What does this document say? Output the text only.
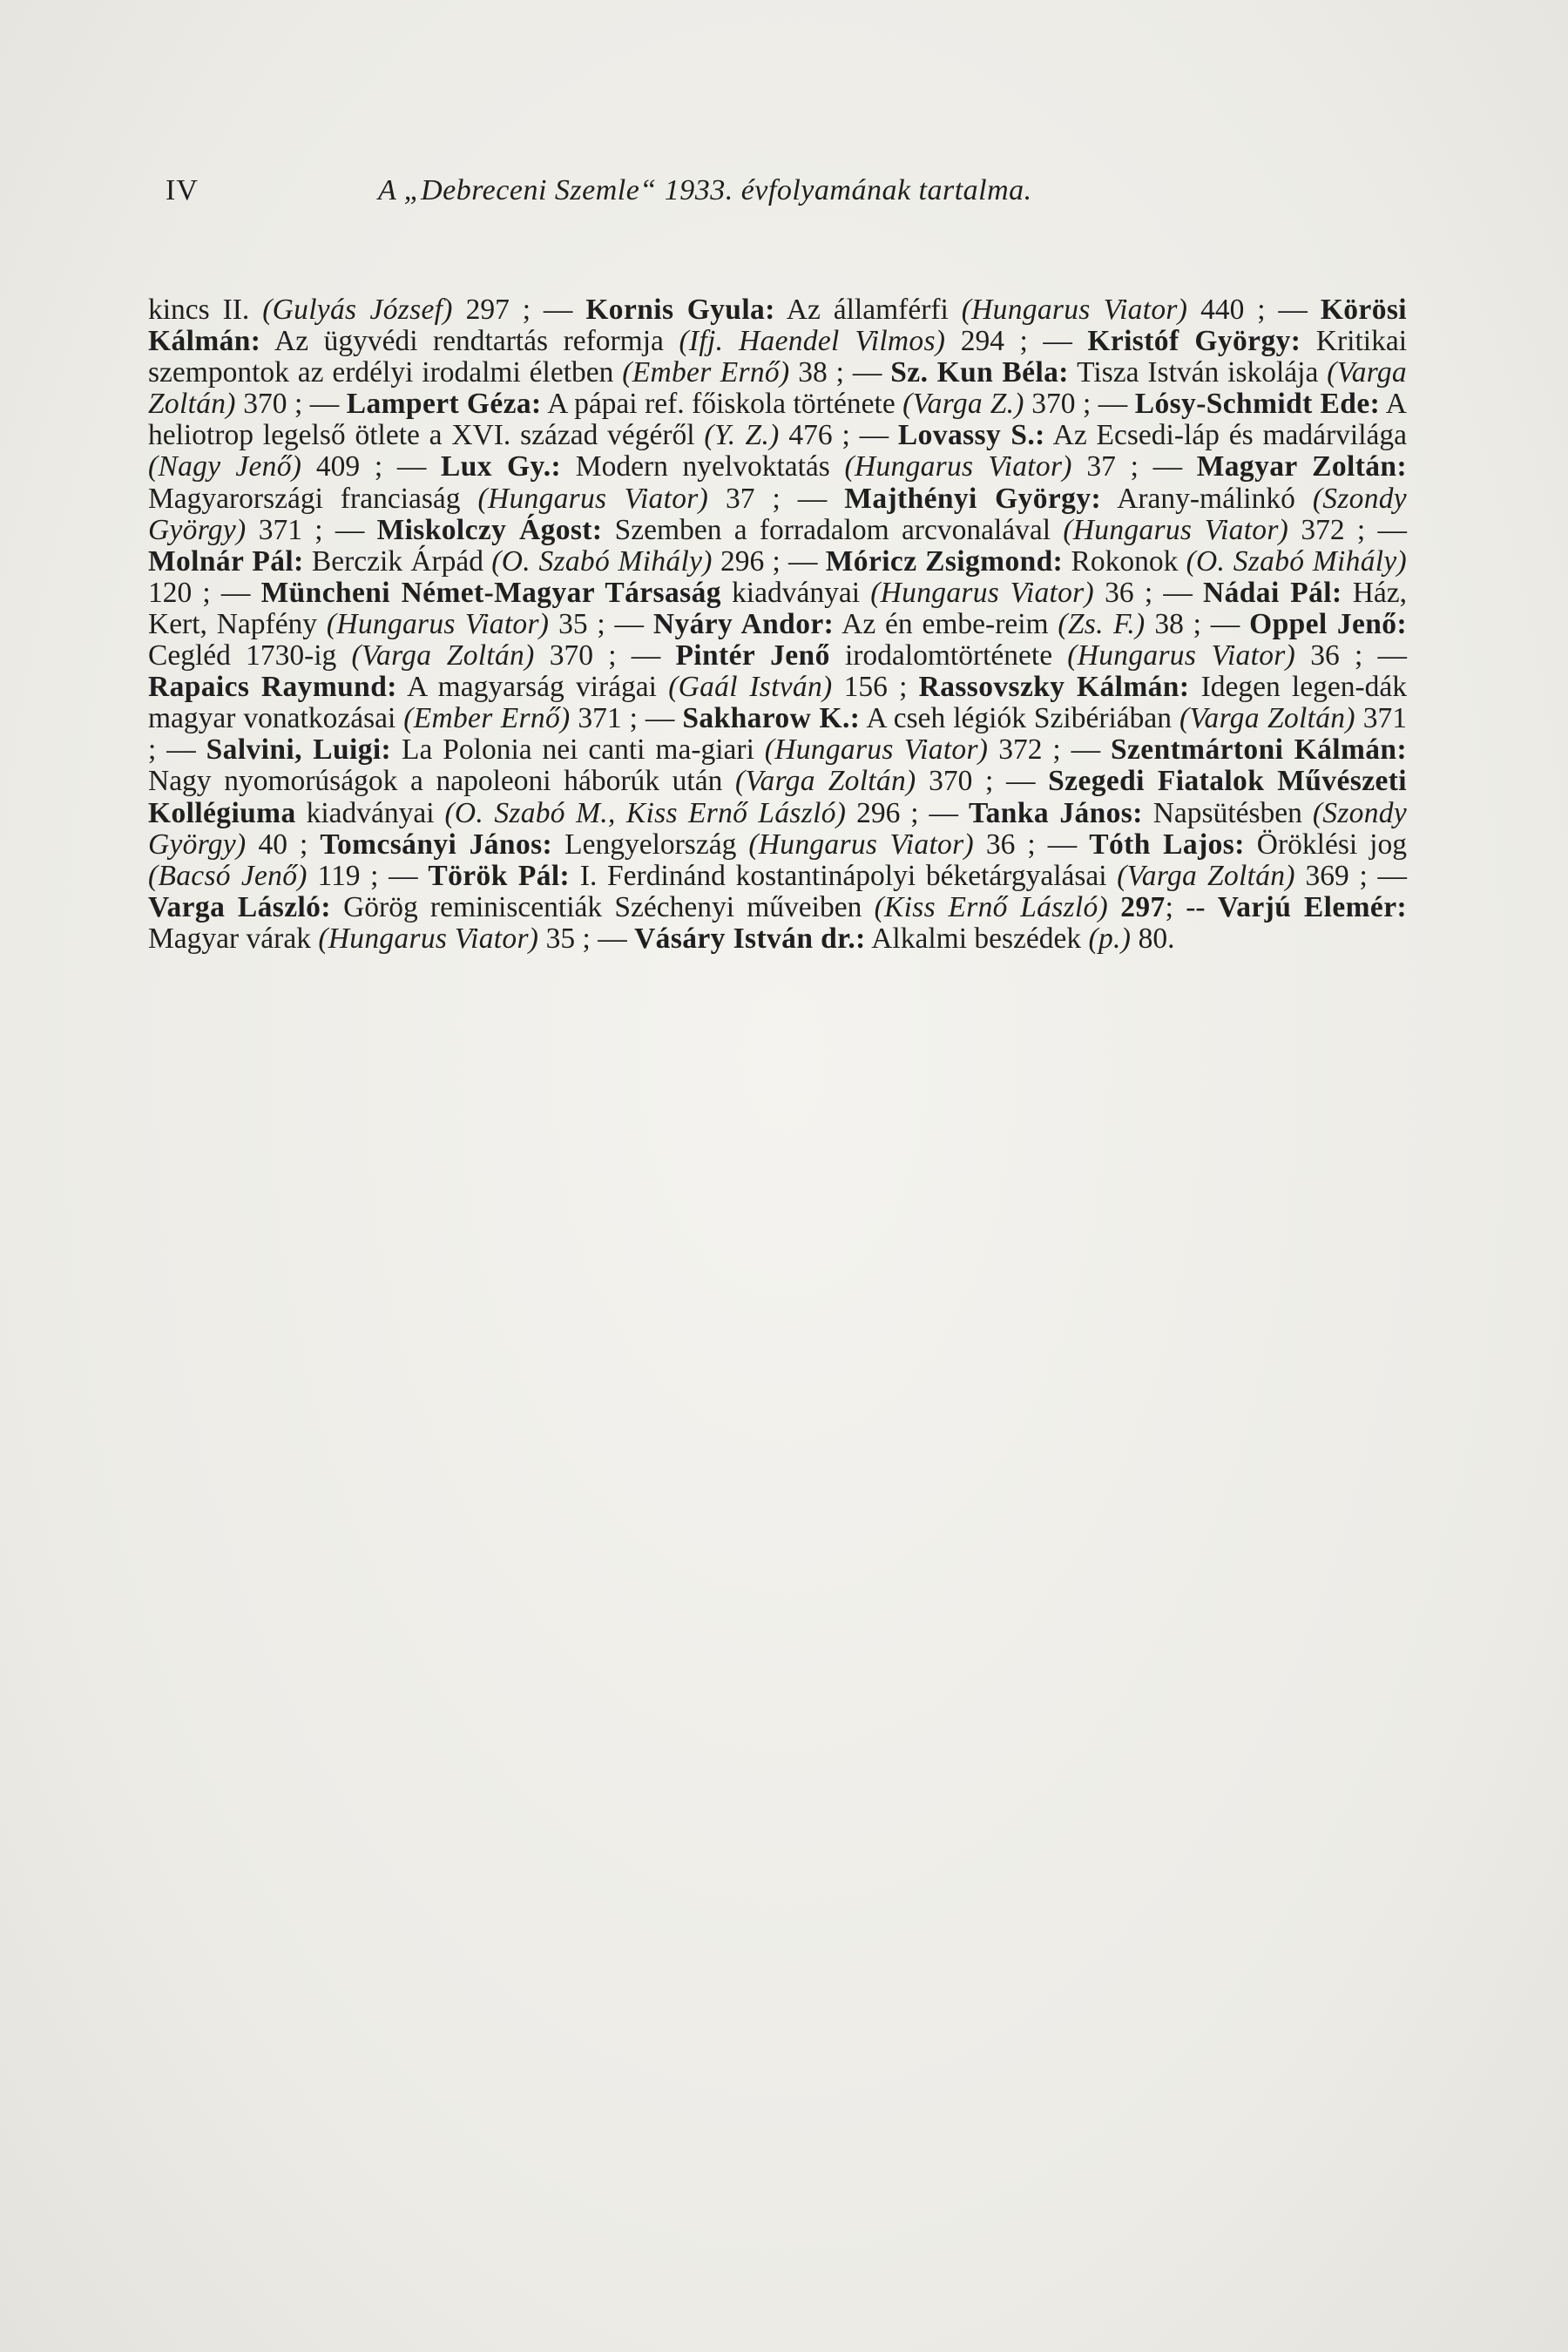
IV	A „Debreceni Szemle“ 1933. évfolyamának tartalma.
kincs II. (Gulyás József) 297 ; — Kornis Gyula: Az államférfi (Hungarus Viator) 440 ; — Körösi Kálmán: Az ügyvédi rendtartás reformja (Ifj. Haendel Vilmos) 294 ; — Kristóf György: Kritikai szempontok az erdélyi irodalmi életben (Ember Ernő) 38 ; — Sz. Kun Béla: Tisza István iskolája (Varga Zoltán) 370 ; — Lampert Géza: A pápai ref. főiskola története (Varga Z.) 370 ; — Lósy-Schmidt Ede: A heliotrop legelső ötlete a XVI. század végéről (Y. Z.) 476 ; — Lovassy S.: Az Ecsedi-láp és madárvilága (Nagy Jenő) 409 ; — Lux Gy.: Modern nyelvoktatás (Hungarus Viator) 37 ; — Magyar Zoltán: Magyarországi franciaság (Hungarus Viator) 37 ; — Majthényi György: Arany-málinkó (Szondy György) 371 ; — Miskolczy Ágost: Szemben a forradalom arcvonalával (Hungarus Viator) 372 ; — Molnár Pál: Berczik Árpád (O. Szabó Mihály) 296 ; — Móricz Zsigmond: Rokonok (O. Szabó Mihály) 120 ; — Müncheni Német-Magyar Társaság kiadványai (Hungarus Viator) 36 ; — Nádai Pál: Ház, Kert, Napfény (Hungarus Viator) 35 ; — Nyáry Andor: Az én embe-reim (Zs. F.) 38 ; — Oppel Jenő: Cegléd 1730-ig (Varga Zoltán) 370 ; — Pintér Jenő irodalomtörténete (Hungarus Viator) 36 ; — Rapaics Raymund: A magyarság virágai (Gaál István) 156 ; Rassovszky Kálmán: Idegen legen-dák magyar vonatkozásai (Ember Ernő) 371 ; — Sakharow K.: A cseh légiók Szibériában (Varga Zoltán) 371 ; — Salvini, Luigi: La Polonia nei canti ma-giari (Hungarus Viator) 372 ; — Szentmártoni Kálmán: Nagy nyomorúságok a napoleoni háborúk után (Varga Zoltán) 370 ; — Szegedi Fiatalok Művészeti Kollégiuma kiadványai (O. Szabó M., Kiss Ernő László) 296 ; — Tanka János: Napsütésben (Szondy György) 40 ; Tomcsányi János: Lengyelország (Hungarus Viator) 36 ; — Tóth Lajos: Öröklési jog (Bacsó Jenő) 119 ; — Török Pál: I. Ferdinánd kostantinápolyi béketárgyalásai (Varga Zoltán) 369 ; — Varga László: Görög reminiscentiák Széchenyi műveiben (Kiss Ernő László) 297; -- Varjú Elemér: Magyar várak (Hungarus Viator) 35 ; — Vásáry István dr.: Alkalmi beszédek (p.) 80.
